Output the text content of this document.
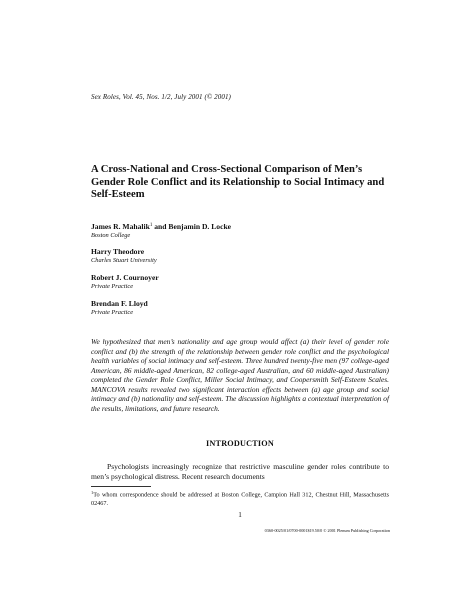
Sex Roles, Vol. 45, Nos. 1/2, July 2001 (© 2001)
A Cross-National and Cross-Sectional Comparison of Men’s Gender Role Conflict and its Relationship to Social Intimacy and Self-Esteem
James R. Mahalik$^1$ and Benjamin D. Locke
Boston College
Harry Theodore
Charles Stuart University
Robert J. Cournoyer
Private Practice
Brendan F. Lloyd
Private Practice
We hypothesized that men’s nationality and age group would affect (a) their level of gender role conflict and (b) the strength of the relationship between gender role conflict and the psychological health variables of social intimacy and self-esteem. Three hundred twenty-five men (97 college-aged American, 86 middle-aged American, 82 college-aged Australian, and 60 middle-aged Australian) completed the Gender Role Conflict, Miller Social Intimacy, and Coopersmith Self-Esteem Scales. MANCOVA results revealed two significant interaction effects between (a) age group and social intimacy and (b) nationality and self-esteem. The discussion highlights a contextual interpretation of the results, limitations, and future research.
INTRODUCTION
Psychologists increasingly recognize that restrictive masculine gender roles contribute to men’s psychological distress. Recent research documents
$^1$To whom correspondence should be addressed at Boston College, Campion Hall 312, Chestnut Hill, Massachusetts 02467.
1
0360-0025/01/0700-0001$19.50/0 © 2001 Plenum Publishing Corporation
